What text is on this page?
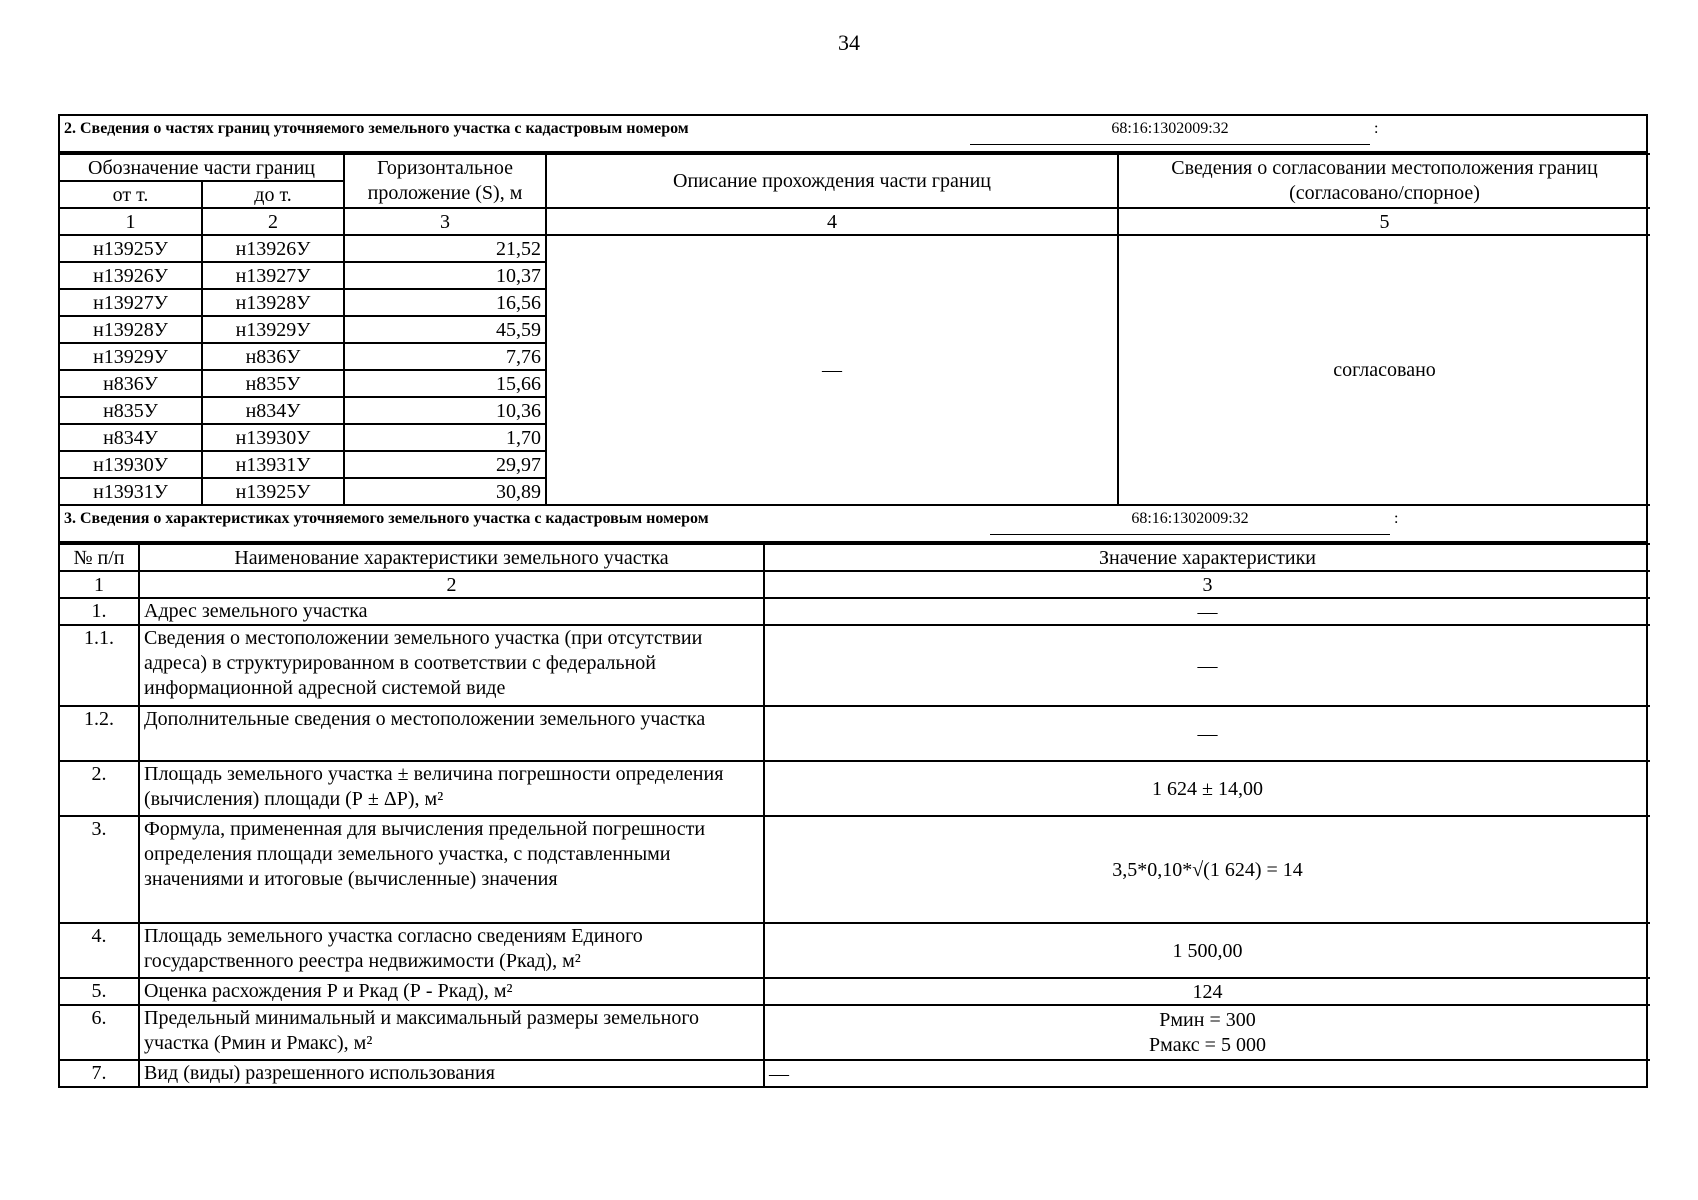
34
2. Сведения о частях границ уточняемого земельного участка с кадастровым номером	68:16:1302009:32	:
Обозначение части границ		Горизонтальное проложение (S), м	Описание прохождения части границ	Сведения о согласовании местоположения границ (согласовано/спорное)
от т.	до т.			
1	2	3	4	5
н13925У	н13926У	21,52	—	согласовано
н13926У	н13927У	10,37		
н13927У	н13928У	16,56		
н13928У	н13929У	45,59		
н13929У	н836У	7,76		
н836У	н835У	15,66		
н835У	н834У	10,36		
н834У	н13930У	1,70		
н13930У	н13931У	29,97		
н13931У	н13925У	30,89		
3. Сведения о характеристиках уточняемого земельного участка с кадастровым номером	68:16:1302009:32	:
№ п/п	Наименование характеристики земельного участка	Значение характеристики
1	2	3
1.	Адрес земельного участка	—
1.1.	Сведения о местоположении земельного участка (при отсутствии адреса) в структурированном в соответствии с федеральной информационной адресной системой виде	—
1.2.	Дополнительные сведения о местоположении земельного участка	—
2.	Площадь земельного участка ± величина погрешности определения (вычисления) площади (Р ± ΔР), м²	1 624 ± 14,00
3.	Формула, примененная для вычисления предельной погрешности определения площади земельного участка, с подставленными значениями и итоговые (вычисленные) значения	3,5*0,10*√(1 624) = 14
4.	Площадь земельного участка согласно сведениям Единого государственного реестра недвижимости (Ркад), м²	1 500,00
5.	Оценка расхождения Р и Ркад (Р - Ркад), м²	124
6.	Предельный минимальный и максимальный размеры земельного участка (Рмин и Рмакс), м²	Рмин = 300
Рмакс = 5 000

7.	Вид (виды) разрешенного использования	—
